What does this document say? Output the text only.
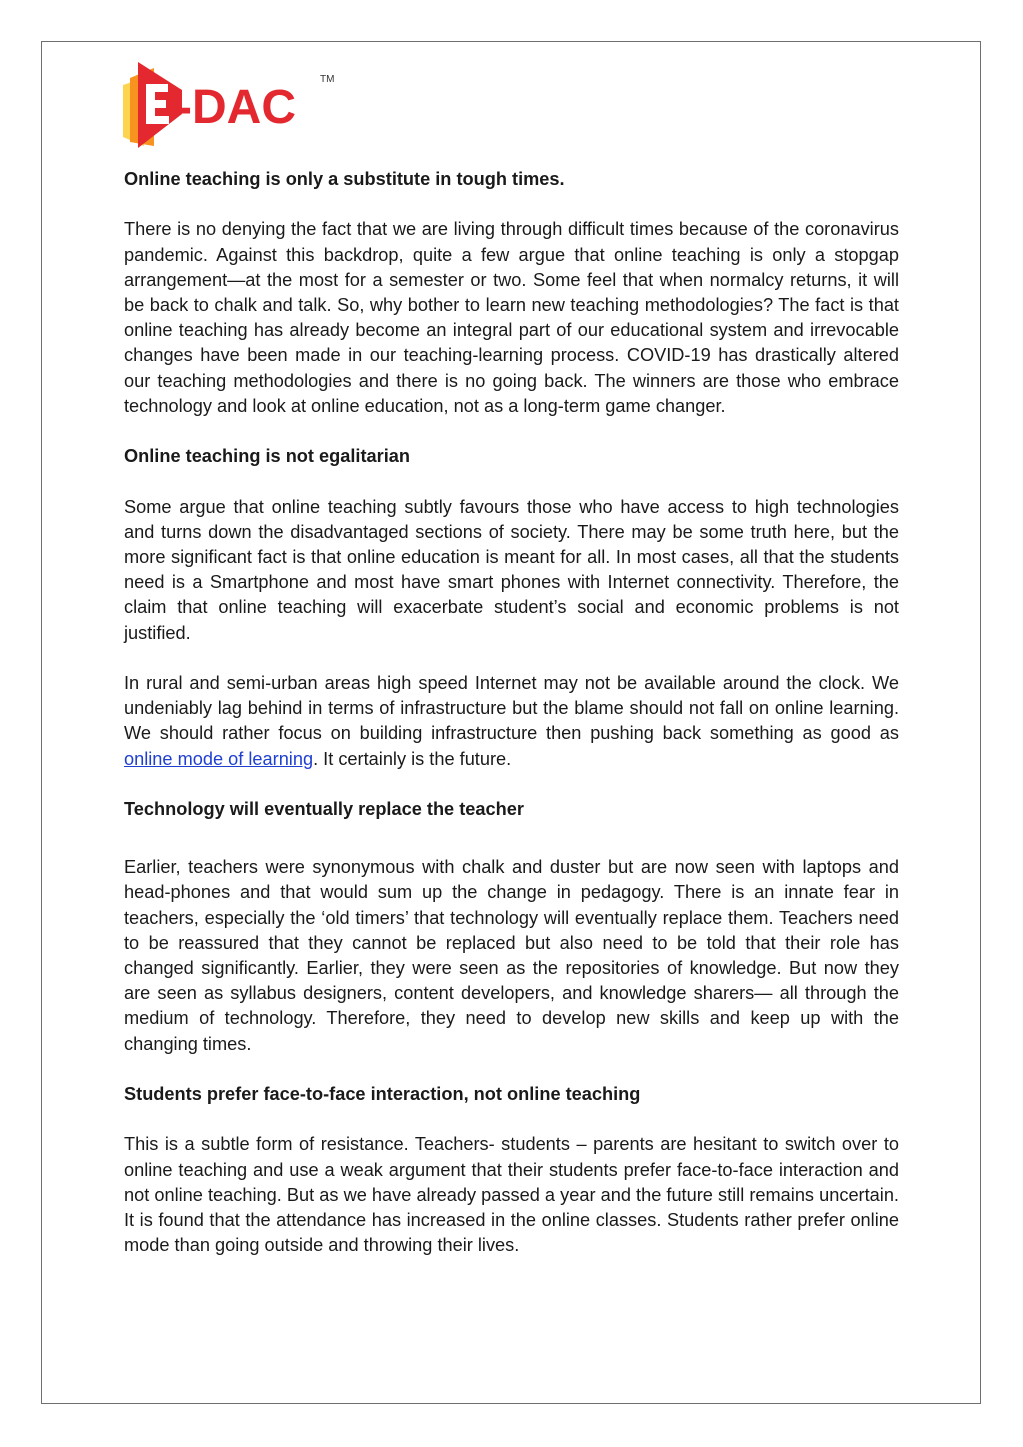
-DAC
TM

Online teaching is only a substitute in tough times.

There is no denying the fact that we are living through difficult times because of the coronavirus pandemic. Against this backdrop, quite a few argue that online teaching is only a stopgap arrangement—at the most for a semester or two. Some feel that when normalcy returns, it will be back to chalk and talk. So, why bother to learn new teaching methodologies? The fact is that online teaching has already become an integral part of our educational system and irrevocable changes have been made in our teaching-learning process. COVID-19 has drastically altered our teaching methodologies and there is no going back. The winners are those who embrace technology and look at online education, not as a long-term game changer.

Online teaching is not egalitarian

Some argue that online teaching subtly favours those who have access to high technologies and turns down the disadvantaged sections of society. There may be some truth here, but the more significant fact is that online education is meant for all. In most cases, all that the students need is a Smartphone and most have smart phones with Internet connectivity. Therefore, the claim that online teaching will exacerbate student’s social and economic problems is not justified.

In rural and semi-urban areas high speed Internet may not be available around the clock. We undeniably lag behind in terms of infrastructure but the blame should not fall on online learning. We should rather focus on building infrastructure then pushing back something as good as online mode of learning. It certainly is the future.

Technology will eventually replace the teacher

Earlier, teachers were synonymous with chalk and duster but are now seen with laptops and head-phones and that would sum up the change in pedagogy. There is an innate fear in teachers, especially the ‘old timers’ that technology will eventually replace them. Teachers need to be reassured that they cannot be replaced but also need to be told that their role has changed significantly. Earlier, they were seen as the repositories of knowledge. But now they are seen as syllabus designers, content developers, and knowledge sharers— all through the medium of technology. Therefore, they need to develop new skills and keep up with the changing times.

Students prefer face-to-face interaction, not online teaching

This is a subtle form of resistance. Teachers- students – parents are hesitant to switch over to online teaching and use a weak argument that their students prefer face-to-face interaction and not online teaching. But as we have already passed a year and the future still remains uncertain. It is found that the attendance has increased in the online classes. Students rather prefer online mode than going outside and throwing their lives.
